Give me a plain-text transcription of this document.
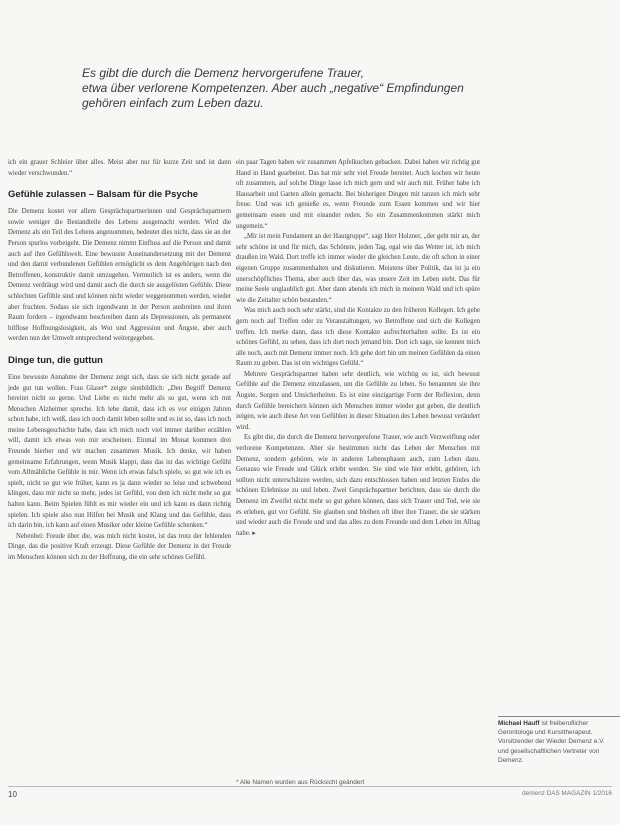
Es gibt die durch die Demenz hervorgerufene Trauer,
etwa über verlorene Kompetenzen. Aber auch „negative“ Empfindungen
gehören einfach zum Leben dazu.

ich ein grauer Schleier über alles. Meist aber nur für kurze Zeit und ist dann wieder verschwunden.“

Gefühle zulassen – Balsam für die Psyche

Die Demenz kostet vor allem Gesprächspartnerinnen und Gesprächspartnern sowie weniger die Bestandteile des Lebens ausgemacht werden. Wird die Demenz als ein Teil des Lebens angenommen, bedeutet dies nicht, dass sie an der Person spurlos vorbeigeht. Die Demenz nimmt Einfluss auf die Person und damit auch auf ihre Gefühlswelt. Eine bewusste Auseinandersetzung mit der Demenz und den damit verbundenen Gefühlen ermöglicht es dem Angehörigen nach den Betroffenen, konstruktiv damit umzugehen. Vermutlich ist es anders, wenn die Demenz verdrängt wird und damit auch die durch sie ausgelösten Gefühle. Diese schlechten Gefühle sind und können nicht wieder weggenommen werden, wieder aber fruchten. Sodass sie sich irgendwann in der Person ausbreiten und ihren Raum fordern – irgendwann beschreiben dann als Depressionen, als permanent hilflose Hoffnungslosigkeit, als Wut und Aggression und Ängste, aber auch werden nun der Umwelt entsprechend weitergegeben.

Dinge tun, die guttun

Eine bewusste Annahme der Demenz zeigt sich, dass sie sich nicht gerade auf jede gut tun wollen. Frau Glaser* zeigte sinnbildlich: „Den Begriff Demenz bereitet nicht so gerne. Und Liebe es nicht mehr als so gut, wenn ich mit Menschen Alzheimer spreche. Ich lebe damit, dass ich es vor einigen Jahren schon habe, ich weiß, dass ich noch damit leben sollte und es ist so, dass ich noch meine Lebensgeschichte habe, dass ich mich noch viel immer darüber erzählen will, damit ich etwas von mir erscheinen. Einmal im Monat kommen drei Freunde hierher und wir machen zusammen Musik. Ich denke, wir haben gemeinsame Erfahrungen, wenn Musik klappt, dass das ist das wichtige Gefühl vom Allmähliche Gefühle in mir. Wenn ich etwas falsch spiele, so gut wie ich es spielt, nicht so gut wie früher, kann es ja dann wieder so leise und schwebend klingen, dass mir nicht so mehr, jedes ist Gefühl, von dem ich nicht mehr so gut halten kann. Beim Spielen fühlt es mir wieder ein und ich kann es dann richtig spielen. Ich spiele also nun Hilfen bei Musik und Klang und das Gefühle, dass ich darin bin, ich kann auf einen Musiker oder kleine Gefühle schenken.“

Nebenbei: Freude über die, was mich nicht kostet, ist das trotz der fehlenden Dinge, das die positive Kraft erzeugt. Diese Gefühle der Demenz in der Freude im Menschen können sich zu der Hoffnung, die ein sehr schönes Gefühl.

ein paar Tagen haben wir zusammen Apfelkuchen gebacken. Dabei haben wir richtig gut Hand in Hand gearbeitet. Das hat mir sehr viel Freude bereitet. Auch kochen wir heute oft zusammen, auf solche Dinge lasse ich mich gern und wir auch mit. Früher habe ich Hausarbeit und Garten allein gemacht. Bei bisherigen Dingen mit tanzen ich mich sehr freue. Und was ich genieße es, wenn Freunde zum Essen kommen und wir hier gemeinsam essen und mit einander reden. So ein Zusammenkommen stärkt mich ungemein.“

„Mir ist mein Fundament an der Hautgruppe“, sagt Herr Holzner, „der geht mir an, der sehr schöne ist und für mich, das Schönste, jeden Tag, egal wie das Wetter ist, ich mich draußen im Wald. Dort treffe ich immer wieder die gleichen Leute, die oft schon in einer eigenen Gruppe zusammenhalten und diskutieren. Meistens über Politik, das ist ja ein unerschöpfliches Thema, aber auch über das, was unsere Zeit im Leben steht. Das für meine Seele unglaublich gut. Aber dann abends ich mich in meinem Wald und ich spüre wie die Zeitalter schön bestanden.“

Was mich auch noch sehr stärkt, sind die Kontakte zu den früheren Kollegen. Ich gehe gern noch auf Treffen oder zu Veranstaltungen, wo Betroffene und sich die Kollegen treffen. Ich merke dann, dass ich diese Kontakte aufrechterhalten sollte. Es ist ein schönes Gefühl, zu sehen, dass ich dort noch jemand bin. Dort ich sage, sie kennen mich alle noch, auch mit Demenz immer noch. Ich gehe dort hin um meinen Gefühlen da einen Raum zu geben. Das ist ein wichtiges Gefühl.“

Mehrere Gesprächspartner haben sehr deutlich, wie wichtig es ist, sich bewusst Gefühle auf die Demenz einzulassen, um die Gefühle zu leben. So benannten sie ihre Ängste, Sorgen und Unsicherheiten. Es ist eine einzigartige Form der Reflexion, denn durch Gefühle bereichern können sich Menschen immer wieder gut geben, die deutlich zeigen, wie auch diese Art von Gefühlen in dieser Situation des Leben bewusst verändert wird.

Es gibt die, die durch die Demenz hervorgerufene Trauer, wie auch Verzweiflung oder verlorene Kompetenzen. Aber sie bestimmen nicht das Leben der Menschen mit Demenz, sondern gehören, wie in anderen Lebensphasen auch, zum Leben dazu. Genauso wie Freude und Glück erlebt werden. Sie sind wie hier erlebt, gehören, ich sollten nicht unterschätzen werden, sich dazu entschlossen haben und letzten Endes die schönen Erlebnisse zu und leben. Zwei Gesprächspartner berichten, dass sie durch die Demenz im Zweifel nicht mehr so gut gehen können, dass sich Trauer und Tod, wie sie es erleben, gut vor Gefühl. Sie glauben und bleiben oft über ihre Trauer, die sie stärken und wieder auch die Freude und und das alles zu dem Freunde und dem Leben im Alltag nahe. ▸

* Alle Namen wurden aus Rücksicht geändert
Michael Hauff ist freiberuflicher Gerontologe und Kunsttherapeut. Vorsitzender der Wieder Demenz e.V. und gesellschaftlichen Vertreter von Demenz.
10	demenz DAS MAGAZIN 1/2016
